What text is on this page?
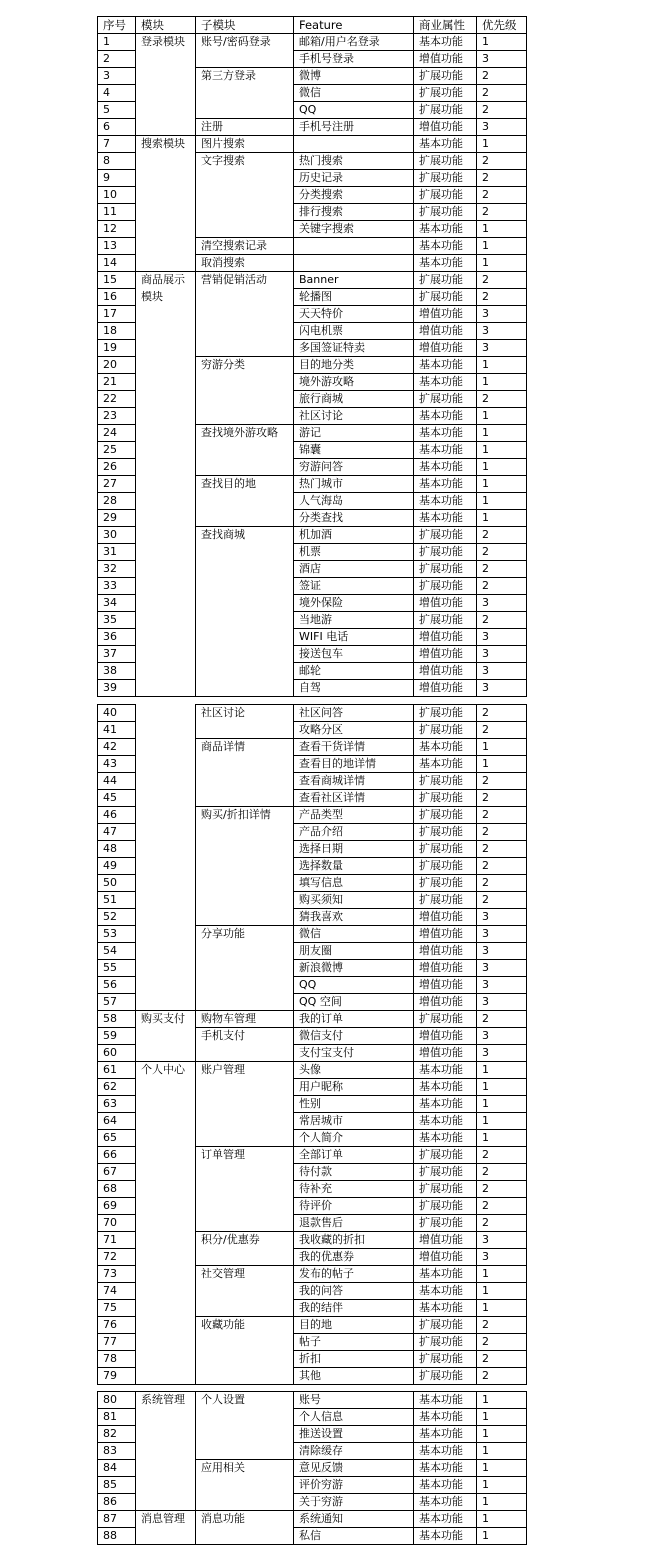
序号	模块	子模块	Feature	商业属性	优先级
1	登录模块	账号/密码登录	邮箱/用户名登录	基本功能	1
2			手机号登录	增值功能	3
3		第三方登录	微博	扩展功能	2
4			微信	扩展功能	2
5			QQ	扩展功能	2
6		注册	手机号注册	增值功能	3
7	搜索模块	图片搜索		基本功能	1
8		文字搜索	热门搜索	扩展功能	2
9			历史记录	扩展功能	2
10			分类搜索	扩展功能	2
11			排行搜索	扩展功能	2
12			关键字搜索	基本功能	1
13		清空搜索记录		基本功能	1
14		取消搜索		基本功能	1
15	商品展示	营销促销活动	Banner	扩展功能	2
16	模块		轮播图	扩展功能	2
17			天天特价	增值功能	3
18			闪电机票	增值功能	3
19			多国签证特卖	增值功能	3
20		穷游分类	目的地分类	基本功能	1
21			境外游攻略	基本功能	1
22			旅行商城	扩展功能	2
23			社区讨论	基本功能	1
24		查找境外游攻略	游记	基本功能	1
25			锦囊	基本功能	1
26			穷游问答	基本功能	1
27		查找目的地	热门城市	基本功能	1
28			人气海岛	基本功能	1
29			分类查找	基本功能	1
30		查找商城	机加酒	扩展功能	2
31			机票	扩展功能	2
32			酒店	扩展功能	2
33			签证	扩展功能	2
34			境外保险	增值功能	3
35			当地游	扩展功能	2
36			WIFI 电话	增值功能	3
37			接送包车	增值功能	3
38			邮轮	增值功能	3
39			自驾	增值功能	3
40		社区讨论	社区问答	扩展功能	2
41			攻略分区	扩展功能	2
42		商品详情	查看干货详情	基本功能	1
43			查看目的地详情	基本功能	1
44			查看商城详情	扩展功能	2
45			查看社区详情	扩展功能	2
46		购买/折扣详情	产品类型	扩展功能	2
47			产品介绍	扩展功能	2
48			选择日期	扩展功能	2
49			选择数量	扩展功能	2
50			填写信息	扩展功能	2
51			购买须知	扩展功能	2
52			猜我喜欢	增值功能	3
53		分享功能	微信	增值功能	3
54			朋友圈	增值功能	3
55			新浪微博	增值功能	3
56			QQ	增值功能	3
57			QQ 空间	增值功能	3
58	购买支付	购物车管理	我的订单	扩展功能	2
59		手机支付	微信支付	增值功能	3
60			支付宝支付	增值功能	3
61	个人中心	账户管理	头像	基本功能	1
62			用户昵称	基本功能	1
63			性别	基本功能	1
64			常居城市	基本功能	1
65			个人简介	基本功能	1
66		订单管理	全部订单	扩展功能	2
67			待付款	扩展功能	2
68			待补充	扩展功能	2
69			待评价	扩展功能	2
70			退款售后	扩展功能	2
71		积分/优惠券	我收藏的折扣	增值功能	3
72			我的优惠券	增值功能	3
73		社交管理	发布的帖子	基本功能	1
74			我的问答	基本功能	1
75			我的结伴	基本功能	1
76		收藏功能	目的地	扩展功能	2
77			帖子	扩展功能	2
78			折扣	扩展功能	2
79			其他	扩展功能	2
80	系统管理	个人设置	账号	基本功能	1
81			个人信息	基本功能	1
82			推送设置	基本功能	1
83			清除缓存	基本功能	1
84		应用相关	意见反馈	基本功能	1
85			评价穷游	基本功能	1
86			关于穷游	基本功能	1
87	消息管理	消息功能	系统通知	基本功能	1
88			私信	基本功能	1
